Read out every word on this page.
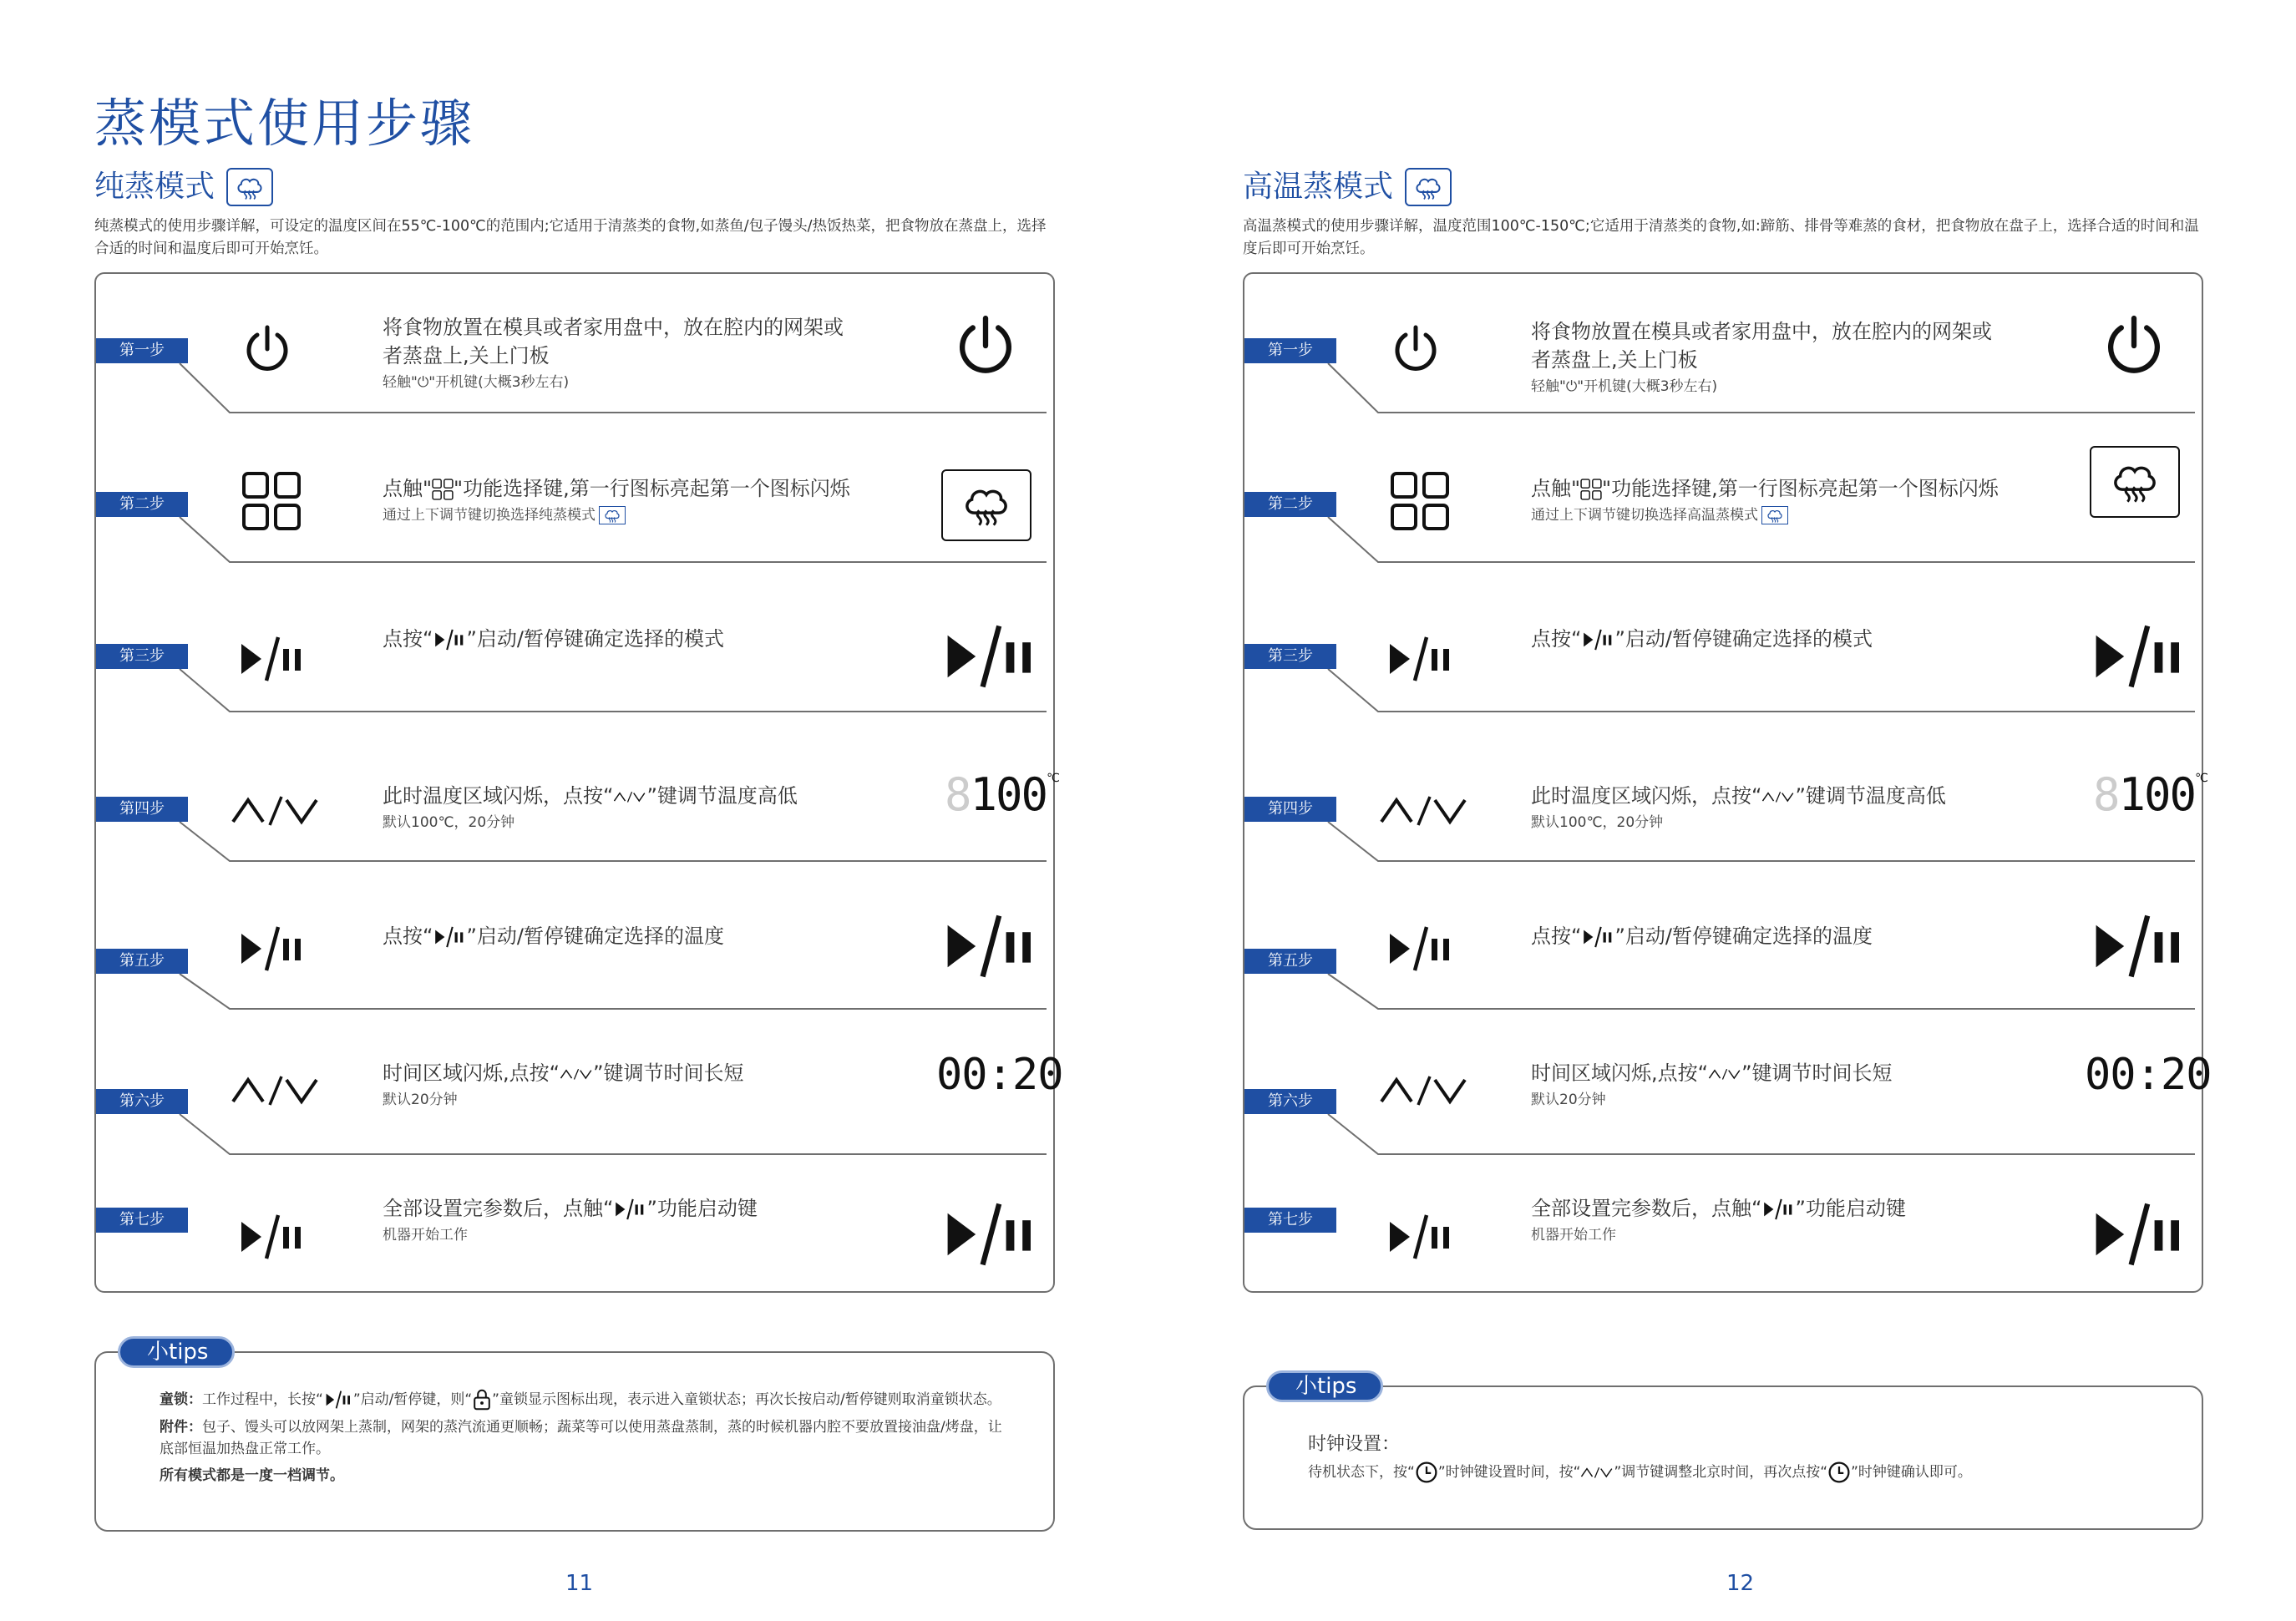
蒸模式使用步骤
纯蒸模式
纯蒸模式的使用步骤详解，可设定的温度区间在55℃-100℃的范围内;它适用于清蒸类的食物,如蒸鱼/包子馒头/热饭热菜，把食物放在蒸盘上，选择合适的时间和温度后即可开始烹饪。
第一步
将食物放置在模具或者家用盘中，放在腔内的网架或者蒸盘上,关上门板
轻触"⏻"开机键(大概3秒左右)
第二步
点触" "功能选择键,第一行图标亮起第一个图标闪烁
通过上下调节键切换选择纯蒸模式
第三步
点按“ ”启动/暂停键确定选择的模式
第四步
此时温度区域闪烁，点按“ ”键调节温度高低
默认100℃，20分钟
8100℃
第五步
点按“ ”启动/暂停键确定选择的温度
第六步
时间区域闪烁,点按“ ”键调节时间长短
默认20分钟	00:20
第七步	全部设置完参数后，点触“ ”功能启动键
机器开始工作
小tips

童锁：工作过程中，长按“ ”启动/暂停键，则“ ”童锁显示图标出现，表示进入童锁状态；再次长按启动/暂停键则取消童锁状态。

附件：包子、馒头可以放网架上蒸制，网架的蒸汽流通更顺畅；蔬菜等可以使用蒸盘蒸制，蒸的时候机器内腔不要放置接油盘/烤盘，让底部恒温加热盘正常工作。

所有模式都是一度一档调节。

11
高温蒸模式
高温蒸模式的使用步骤详解，温度范围100℃-150℃;它适用于清蒸类的食物,如:蹄筋、排骨等难蒸的食材，把食物放在盘子上，选择合适的时间和温度后即可开始烹饪。
第一步
将食物放置在模具或者家用盘中，放在腔内的网架或者蒸盘上,关上门板
轻触"⏻"开机键(大概3秒左右)
第二步
点触" "功能选择键,第一行图标亮起第一个图标闪烁
通过上下调节键切换选择高温蒸模式
第三步
点按“ ”启动/暂停键确定选择的模式
第四步
此时温度区域闪烁，点按“ ”键调节温度高低
默认100℃，20分钟
8100℃
第五步
点按“ ”启动/暂停键确定选择的温度
第六步
时间区域闪烁,点按“ ”键调节时间长短
默认20分钟	00:20
第七步	全部设置完参数后，点触“ ”功能启动键
机器开始工作
小tips
时钟设置：
待机状态下，按“ ”时钟键设置时间，按“ ”调节键调整北京时间，再次点按“ ”时钟键确认即可。
12
